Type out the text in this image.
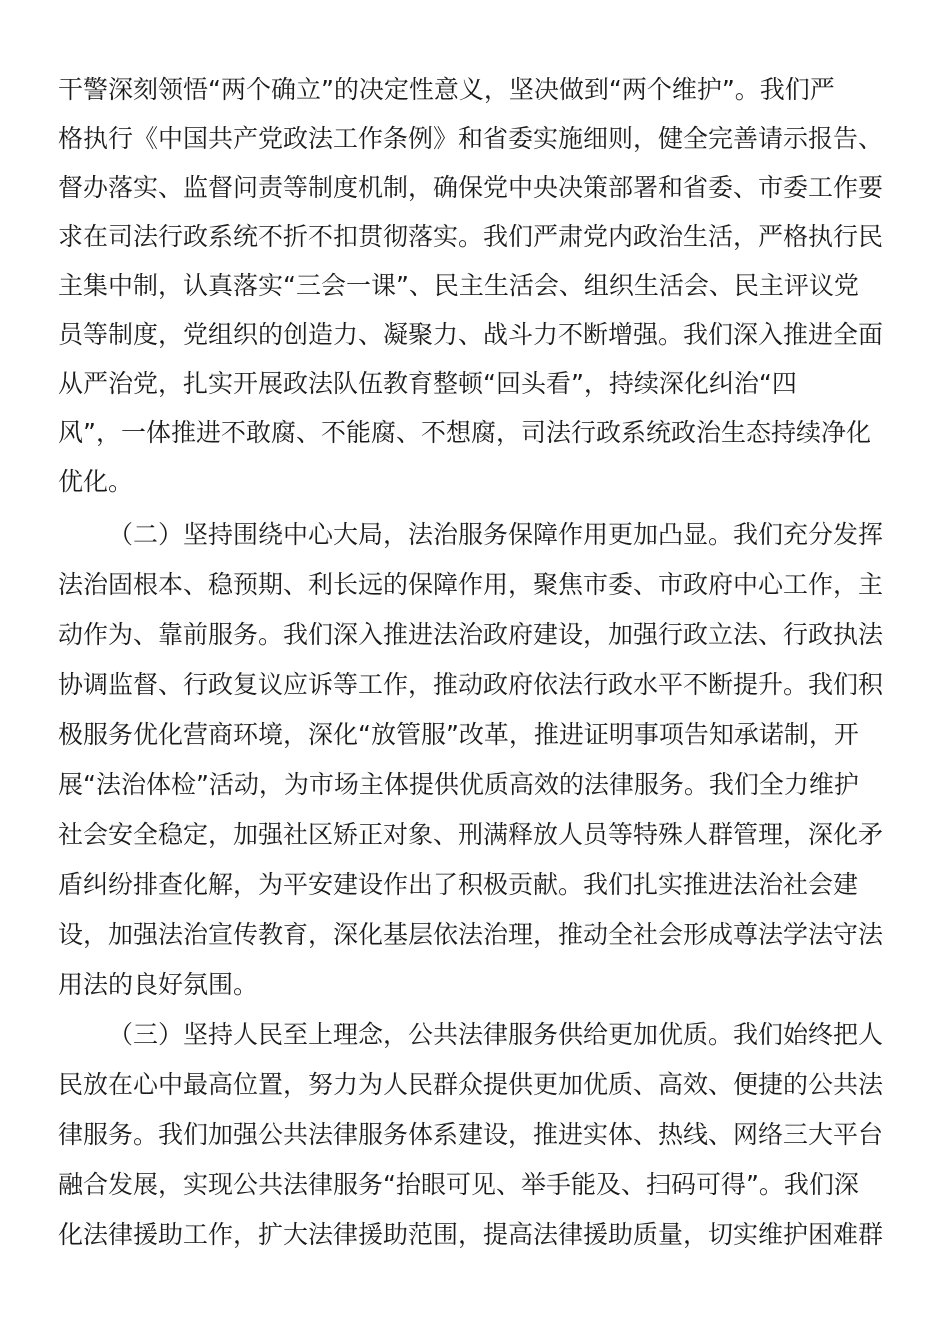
干警深刻领悟“两个确立”的决定性意义，坚决做到“两个维护”。我们严
格执行《中国共产党政法工作条例》和省委实施细则，健全完善请示报告、
督办落实、监督问责等制度机制，确保党中央决策部署和省委、市委工作要
求在司法行政系统不折不扣贯彻落实。我们严肃党内政治生活，严格执行民
主集中制，认真落实“三会一课”、民主生活会、组织生活会、民主评议党
员等制度，党组织的创造力、凝聚力、战斗力不断增强。我们深入推进全面
从严治党，扎实开展政法队伍教育整顿“回头看”，持续深化纠治“四
风”，一体推进不敢腐、不能腐、不想腐，司法行政系统政治生态持续净化
优化。
（二）坚持围绕中心大局，法治服务保障作用更加凸显。我们充分发挥
法治固根本、稳预期、利长远的保障作用，聚焦市委、市政府中心工作，主
动作为、靠前服务。我们深入推进法治政府建设，加强行政立法、行政执法
协调监督、行政复议应诉等工作，推动政府依法行政水平不断提升。我们积
极服务优化营商环境，深化“放管服”改革，推进证明事项告知承诺制，开
展“法治体检”活动，为市场主体提供优质高效的法律服务。我们全力维护
社会安全稳定，加强社区矫正对象、刑满释放人员等特殊人群管理，深化矛
盾纠纷排查化解，为平安建设作出了积极贡献。我们扎实推进法治社会建
设，加强法治宣传教育，深化基层依法治理，推动全社会形成尊法学法守法
用法的良好氛围。
（三）坚持人民至上理念，公共法律服务供给更加优质。我们始终把人
民放在心中最高位置，努力为人民群众提供更加优质、高效、便捷的公共法
律服务。我们加强公共法律服务体系建设，推进实体、热线、网络三大平台
融合发展，实现公共法律服务“抬眼可见、举手能及、扫码可得”。我们深
化法律援助工作，扩大法律援助范围，提高法律援助质量，切实维护困难群
